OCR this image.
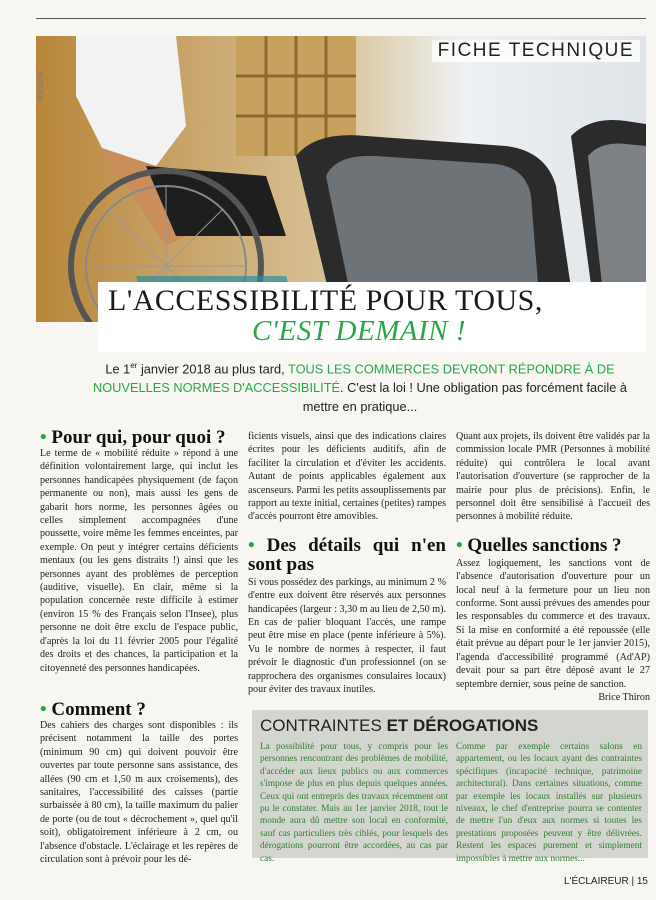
FICHE TECHNIQUE
FOTOLIA
L'ACCESSIBILITÉ POUR TOUS,
C'EST DEMAIN !
Le 1er janvier 2018 au plus tard, TOUS LES COMMERCES DEVRONT RÉPONDRE À DE NOUVELLES NORMES D'ACCESSIBILITÉ. C'est la loi ! Une obligation pas forcément facile à mettre en pratique...
• Pour qui, pour quoi ?

Le terme de « mobilité réduite » répond à une définition volontairement large, qui inclut les personnes handicapées physiquement (de façon permanente ou non), mais aussi les gens de gabarit hors norme, les personnes âgées ou celles simplement accompagnées d'une poussette, voire même les femmes enceintes, par exemple. On peut y intégrer certains déficients mentaux (ou les gens distraits !) ainsi que les personnes ayant des problèmes de perception (auditive, visuelle). En clair, même si la population concernée reste difficile à estimer (environ 15 % des Français selon l'Insee), plus personne ne doit être exclu de l'espace public, d'après la loi du 11 février 2005 pour l'égalité des droits et des chances, la participation et la citoyenneté des personnes handicapées.

• Comment ?

Des cahiers des charges sont disponibles : ils précisent notamment la taille des portes (minimum 90 cm) qui doivent pouvoir être ouvertes par toute personne sans assistance, des allées (90 cm et 1,50 m aux croisements), des sanitaires, l'accessibilité des caisses (partie surbaissée à 80 cm), la taille maximum du palier de porte (ou de tout « décrochement », quel qu'il soit), obligatoirement inférieure à 2 cm, ou l'absence d'obstacle. L'éclairage et les repères de circulation sont à prévoir pour les dé-

ficients visuels, ainsi que des indications claires écrites pour les déficients auditifs, afin de faciliter la circulation et d'éviter les accidents. Autant de points applicables également aux ascenseurs. Parmi les petits assouplissements par rapport au texte initial, certaines (petites) rampes d'accès pourront être amovibles.

• Des détails qui n'en sont pas

Si vous possédez des parkings, au minimum 2 % d'entre eux doivent être réservés aux personnes handicapées (largeur : 3,30 m au lieu de 2,50 m). En cas de palier bloquant l'accès, une rampe peut être mise en place (pente inférieure à 5%). Vu le nombre de normes à respecter, il faut prévoir le diagnostic d'un professionnel (on se rapprochera des organismes consulaires locaux) pour éviter des travaux inutiles.

Quant aux projets, ils doivent être validés par la commission locale PMR (Personnes à mobilité réduite) qui contrôlera le local avant l'autorisation d'ouverture (se rapprocher de la mairie pour plus de précisions). Enfin, le personnel doit être sensibilisé à l'accueil des personnes à mobilité réduite.

• Quelles sanctions ?

Assez logiquement, les sanctions vont de l'absence d'autorisation d'ouverture pour un local neuf à la fermeture pour un lieu non conforme. Sont aussi prévues des amendes pour les responsables du commerce et des travaux. Si la mise en conformité a été repoussée (elle était prévue au départ pour le 1er janvier 2015), l'agenda d'accessibilité programmé (Ad'AP) devait pour sa part être déposé avant le 27 septembre dernier, sous peine de sanction.

Brice Thiron

CONTRAINTES ET DÉROGATIONS
La possibilité pour tous, y compris pour les personnes rencontrant des problèmes de mobilité, d'accéder aux lieux publics ou aux commerces s'impose de plus en plus depuis quelques années. Ceux qui ont entrepris des travaux récemment ont pu le constater. Mais au 1er janvier 2018, tout le monde aura dû mettre son local en conformité, sauf cas particuliers très ciblés, pour lesquels des dérogations pourront être accordées, au cas par cas.
Comme par exemple certains salons en appartement, ou les locaux ayant des contraintes spécifiques (incapacité technique, patrimoine architectural). Dans certaines situations, comme par exemple les locaux installés sur plusieurs niveaux, le chef d'entreprise pourra se contenter de mettre l'un d'eux aux normes si toutes les prestations proposées peuvent y être délivrées. Restent les espaces purement et simplement impossibles à mettre aux normes...
L'ÉCLAIREUR | 15
